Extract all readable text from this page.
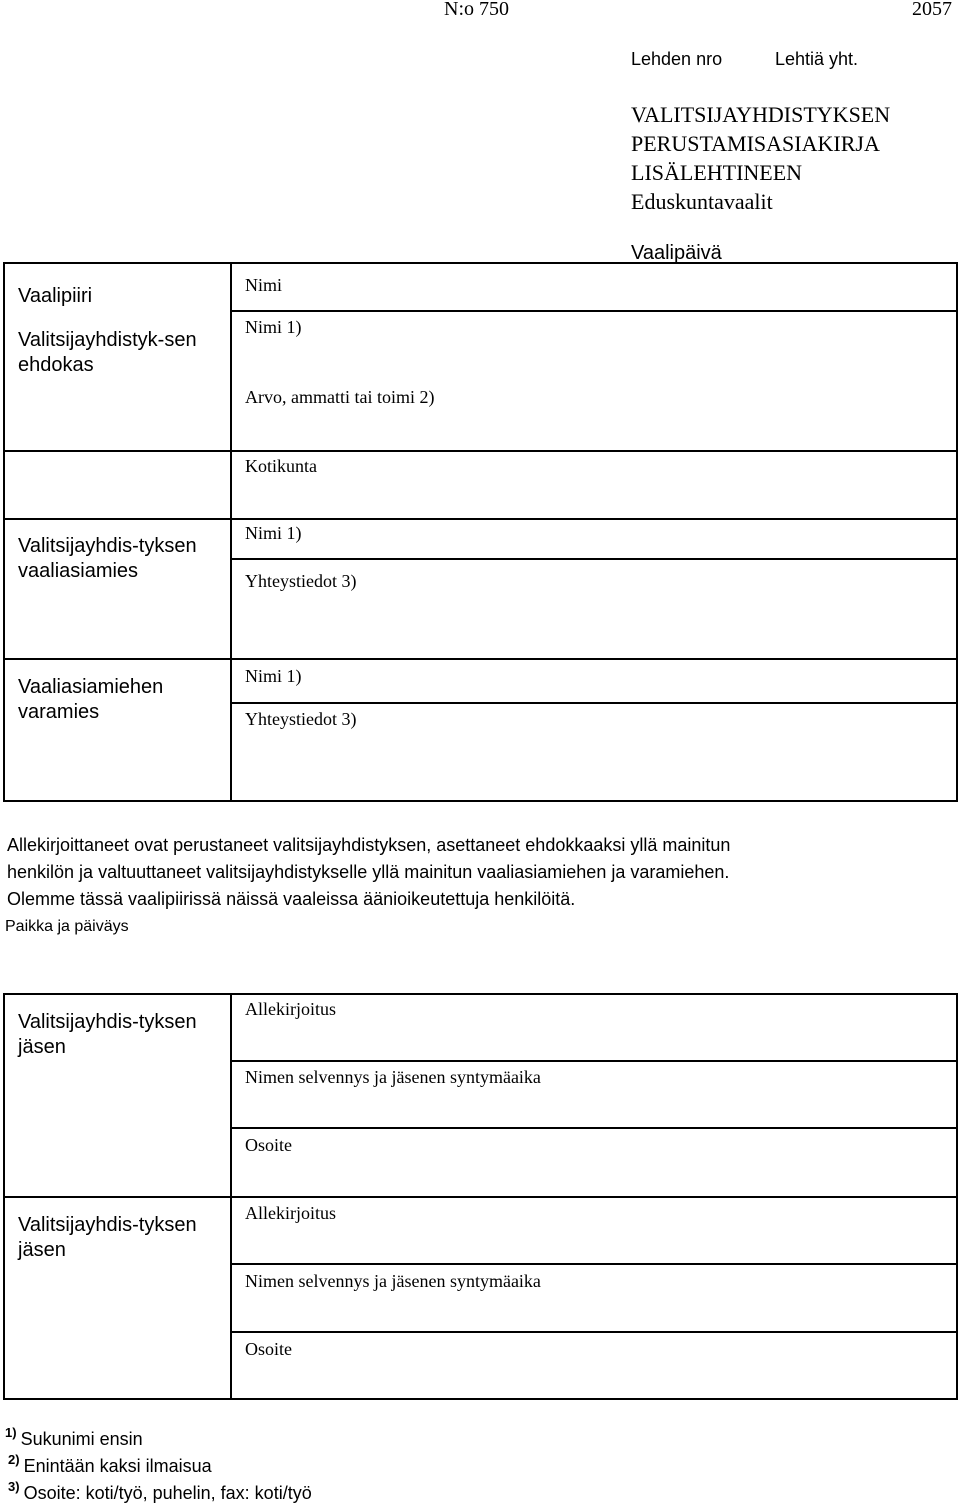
N:o 750	2057
Lehden nro	Lehtiä yht.
VALITSIJAYHDISTYKSEN
PERUSTAMISASIAKIRJA
LISÄLEHTINEEN
Eduskuntavaalit
Vaalipäivä
Vaalipiiri
Valitsijayhdistyk-sen ehdokas
Nimi
Nimi 1)
Arvo, ammatti tai toimi 2)
Kotikunta
Valitsijayhdis-tyksen vaaliasiamies
Nimi 1)
Yhteystiedot 3)
Vaaliasiamiehen varamies
Nimi 1)
Yhteystiedot 3)
Allekirjoittaneet ovat perustaneet valitsijayhdistyksen, asettaneet ehdokkaaksi yllä mainitun
henkilön ja valtuuttaneet valitsijayhdistykselle yllä mainitun vaaliasiamiehen ja varamiehen.
Olemme tässä vaalipiirissä näissä vaaleissa äänioikeutettuja henkilöitä.
Paikka ja päiväys
Valitsijayhdis-tyksen jäsen
Allekirjoitus
Nimen selvennys ja jäsenen syntymäaika
Osoite
Valitsijayhdis-tyksen jäsen
Allekirjoitus
Nimen selvennys ja jäsenen syntymäaika
Osoite
$^{1)}$ Sukunimi ensin
$^{2)}$ Enintään kaksi ilmaisua
$^{3)}$ Osoite: koti/työ, puhelin, fax: koti/työ
